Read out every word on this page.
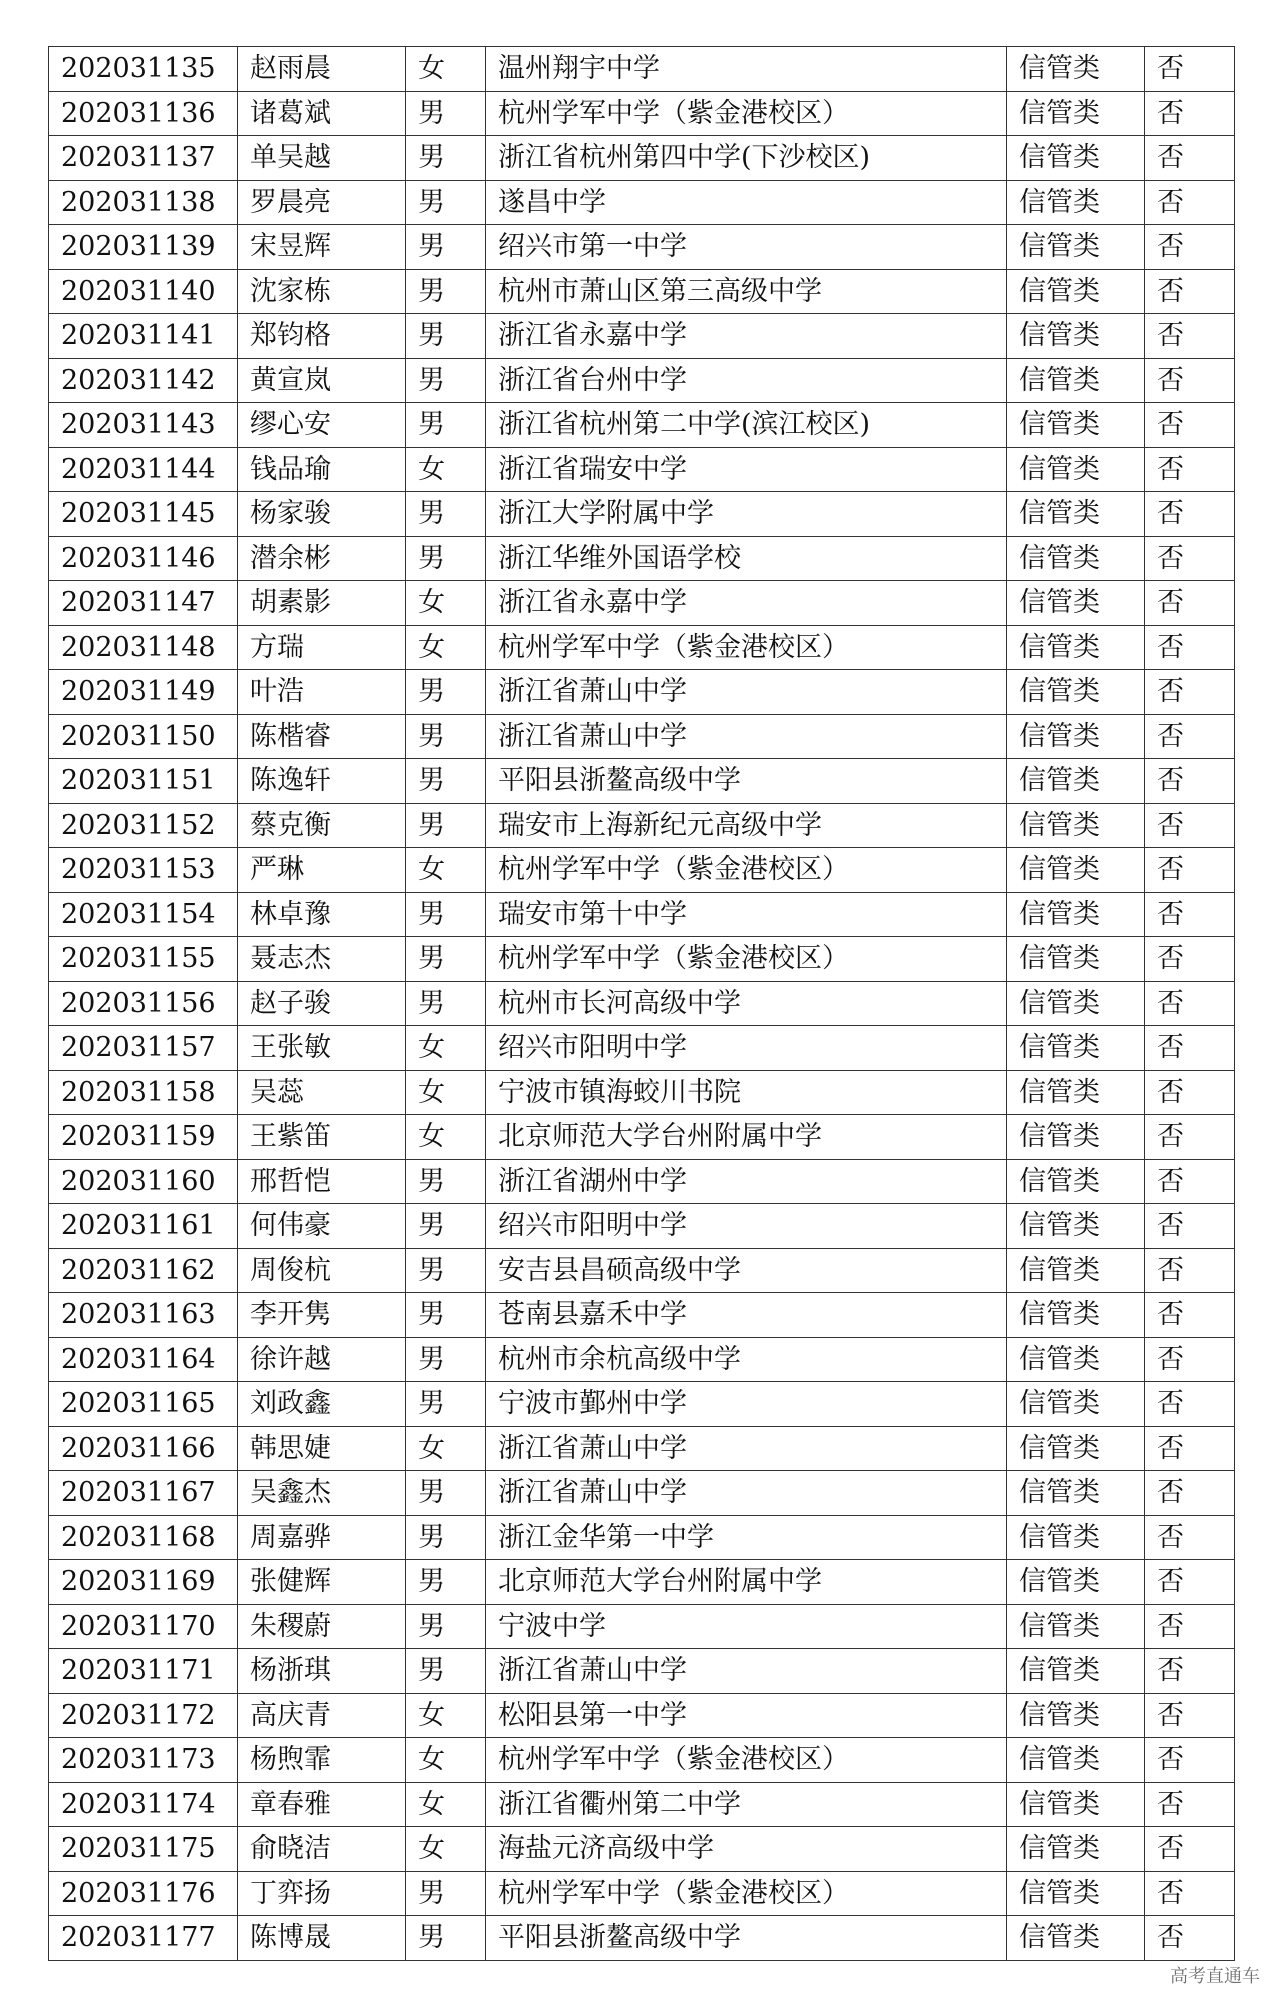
202031135	赵雨晨	女	温州翔宇中学	信管类	否
202031136	诸葛斌	男	杭州学军中学（紫金港校区）	信管类	否
202031137	单吴越	男	浙江省杭州第四中学(下沙校区)	信管类	否
202031138	罗晨亮	男	遂昌中学	信管类	否
202031139	宋昱辉	男	绍兴市第一中学	信管类	否
202031140	沈家栋	男	杭州市萧山区第三高级中学	信管类	否
202031141	郑钧格	男	浙江省永嘉中学	信管类	否
202031142	黄宣岚	男	浙江省台州中学	信管类	否
202031143	缪心安	男	浙江省杭州第二中学(滨江校区)	信管类	否
202031144	钱品瑜	女	浙江省瑞安中学	信管类	否
202031145	杨家骏	男	浙江大学附属中学	信管类	否
202031146	潜余彬	男	浙江华维外国语学校	信管类	否
202031147	胡素影	女	浙江省永嘉中学	信管类	否
202031148	方瑞	女	杭州学军中学（紫金港校区）	信管类	否
202031149	叶浩	男	浙江省萧山中学	信管类	否
202031150	陈楷睿	男	浙江省萧山中学	信管类	否
202031151	陈逸轩	男	平阳县浙鳌高级中学	信管类	否
202031152	蔡克衡	男	瑞安市上海新纪元高级中学	信管类	否
202031153	严琳	女	杭州学军中学（紫金港校区）	信管类	否
202031154	林卓豫	男	瑞安市第十中学	信管类	否
202031155	聂志杰	男	杭州学军中学（紫金港校区）	信管类	否
202031156	赵子骏	男	杭州市长河高级中学	信管类	否
202031157	王张敏	女	绍兴市阳明中学	信管类	否
202031158	吴蕊	女	宁波市镇海蛟川书院	信管类	否
202031159	王紫笛	女	北京师范大学台州附属中学	信管类	否
202031160	邢哲恺	男	浙江省湖州中学	信管类	否
202031161	何伟豪	男	绍兴市阳明中学	信管类	否
202031162	周俊杭	男	安吉县昌硕高级中学	信管类	否
202031163	李开隽	男	苍南县嘉禾中学	信管类	否
202031164	徐许越	男	杭州市余杭高级中学	信管类	否
202031165	刘政鑫	男	宁波市鄞州中学	信管类	否
202031166	韩思婕	女	浙江省萧山中学	信管类	否
202031167	吴鑫杰	男	浙江省萧山中学	信管类	否
202031168	周嘉骅	男	浙江金华第一中学	信管类	否
202031169	张健辉	男	北京师范大学台州附属中学	信管类	否
202031170	朱稷蔚	男	宁波中学	信管类	否
202031171	杨浙琪	男	浙江省萧山中学	信管类	否
202031172	高庆青	女	松阳县第一中学	信管类	否
202031173	杨煦霏	女	杭州学军中学（紫金港校区）	信管类	否
202031174	章春雅	女	浙江省衢州第二中学	信管类	否
202031175	俞晓洁	女	海盐元济高级中学	信管类	否
202031176	丁弈扬	男	杭州学军中学（紫金港校区）	信管类	否
202031177	陈博晟	男	平阳县浙鳌高级中学	信管类	否
高考直通车
